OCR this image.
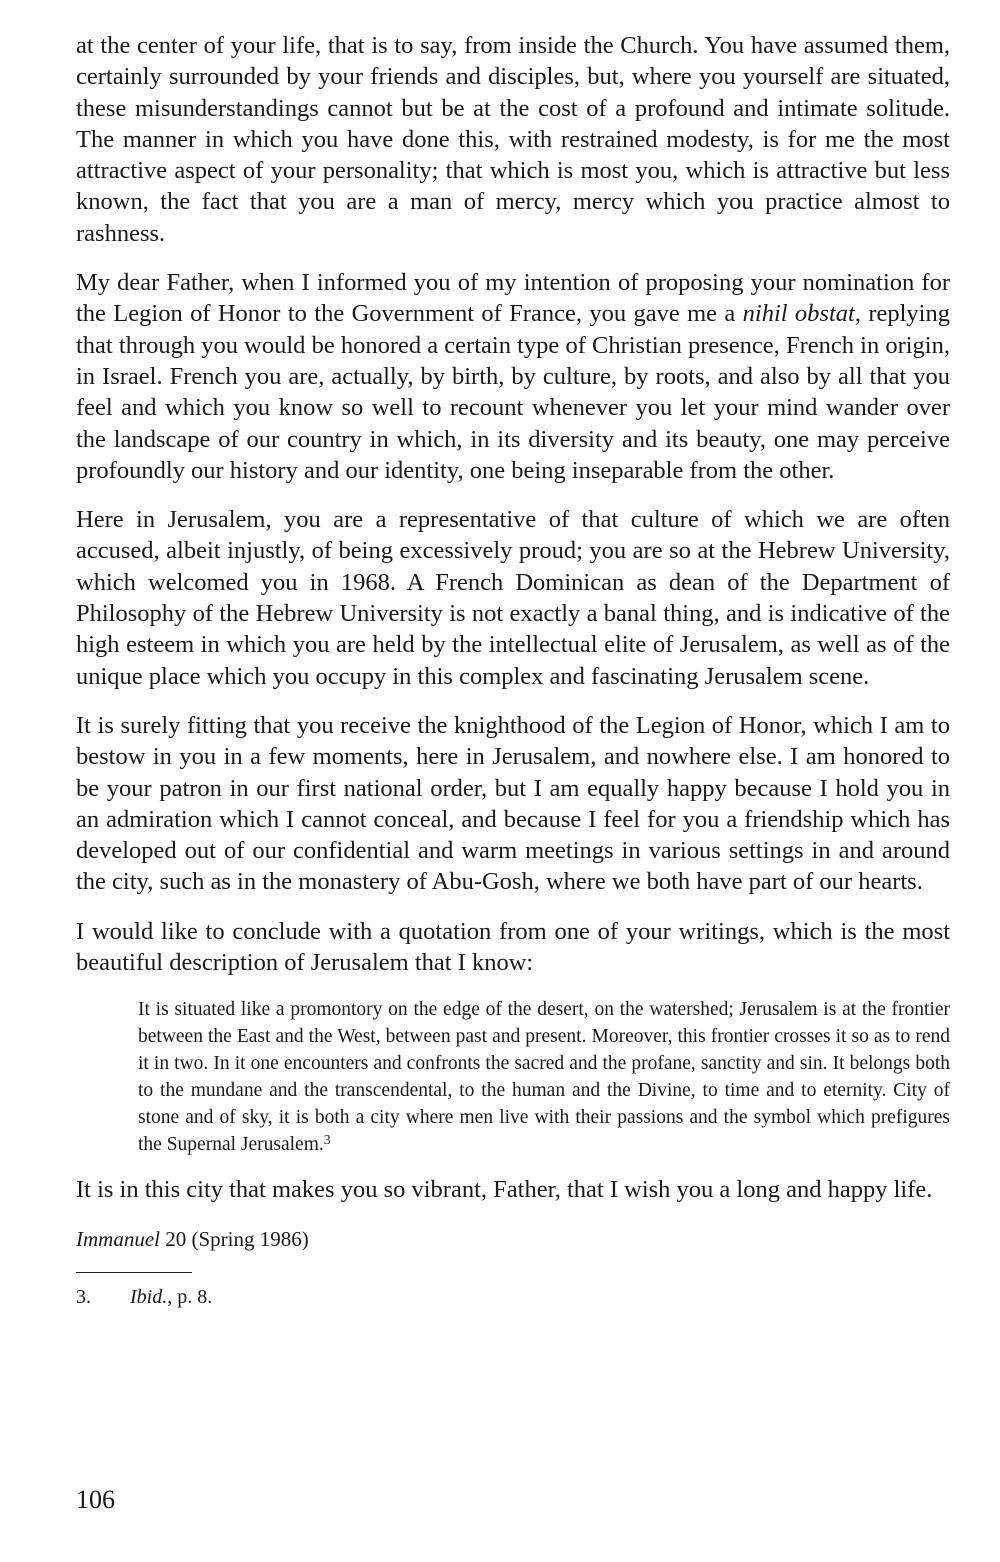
at the center of your life, that is to say, from inside the Church. You have assumed them, certainly surrounded by your friends and disciples, but, where you yourself are situated, these misunderstandings cannot but be at the cost of a profound and intimate solitude. The manner in which you have done this, with restrained modesty, is for me the most attractive aspect of your personality; that which is most you, which is attractive but less known, the fact that you are a man of mercy, mercy which you practice almost to rashness.

My dear Father, when I informed you of my intention of proposing your nomination for the Legion of Honor to the Government of France, you gave me a nihil obstat, replying that through you would be honored a certain type of Christian presence, French in origin, in Israel. French you are, actually, by birth, by culture, by roots, and also by all that you feel and which you know so well to recount whenever you let your mind wander over the landscape of our country in which, in its diversity and its beauty, one may perceive profoundly our history and our identity, one being inseparable from the other.

Here in Jerusalem, you are a representative of that culture of which we are often accused, albeit injustly, of being excessively proud; you are so at the Hebrew University, which welcomed you in 1968. A French Dominican as dean of the Department of Philosophy of the Hebrew University is not exactly a banal thing, and is indicative of the high esteem in which you are held by the intellectual elite of Jerusalem, as well as of the unique place which you occupy in this complex and fascinating Jerusalem scene.

It is surely fitting that you receive the knighthood of the Legion of Honor, which I am to bestow in you in a few moments, here in Jerusalem, and nowhere else. I am honored to be your patron in our first national order, but I am equally happy because I hold you in an admiration which I cannot conceal, and because I feel for you a friendship which has developed out of our confidential and warm meetings in various settings in and around the city, such as in the monastery of Abu-Gosh, where we both have part of our hearts.

I would like to conclude with a quotation from one of your writings, which is the most beautiful description of Jerusalem that I know:

It is situated like a promontory on the edge of the desert, on the watershed; Jerusalem is at the frontier between the East and the West, between past and present. Moreover, this frontier crosses it so as to rend it in two. In it one encounters and confronts the sacred and the profane, sanctity and sin. It belongs both to the mundane and the transcendental, to the human and the Divine, to time and to eternity. City of stone and of sky, it is both a city where men live with their passions and the symbol which prefigures the Supernal Jerusalem.$^3$

It is in this city that makes you so vibrant, Father, that I wish you a long and happy life.

Immanuel 20 (Spring 1986)
3.	Ibid., p. 8.
106
